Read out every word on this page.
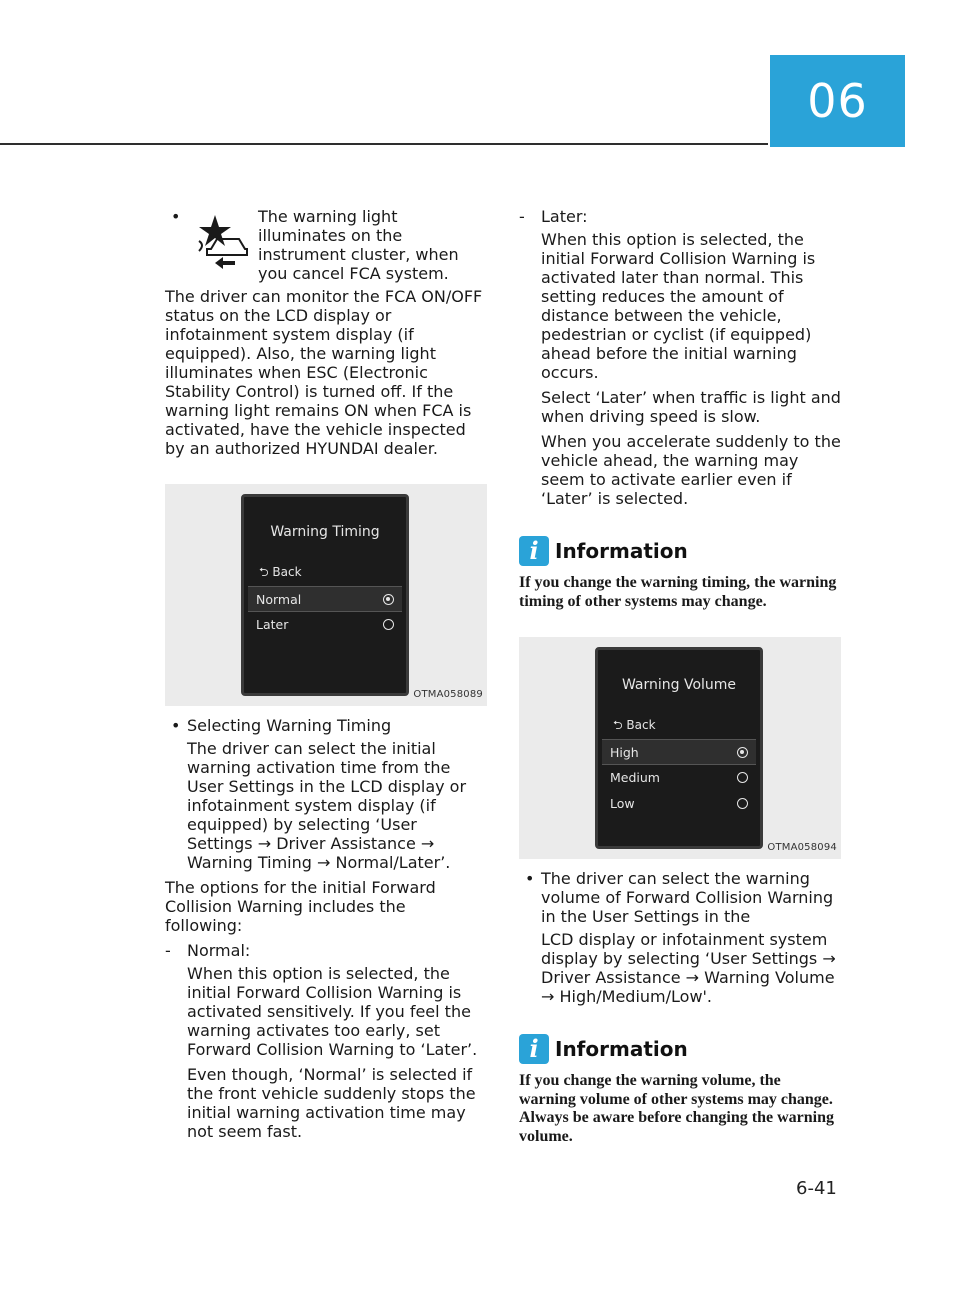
06
•	The warning light illuminates on the instrument cluster, when you cancel FCA system.

The driver can monitor the FCA ON/OFF status on the LCD display or infotainment system display (if equipped). Also, the warning light illuminates when ESC (Electronic Stability Control) is turned off. If the warning light remains ON when FCA is activated, have the vehicle inspected by an authorized HYUNDAI dealer.

Warning Timing
⮌ Back
Normal
Later
OTMA058089
• Selecting Warning Timing

The driver can select the initial warning activation time from the User Settings in the LCD display or infotainment system display (if equipped) by selecting ‘User Settings → Driver Assistance → Warning Timing → Normal/Later’.

The options for the initial Forward Collision Warning includes the following:

- Normal:

When this option is selected, the initial Forward Collision Warning is activated sensitively. If you feel the warning activates too early, set Forward Collision Warning to ‘Later’.

Even though, ‘Normal’ is selected if the front vehicle suddenly stops the initial warning activation time may not seem fast.

- Later:

When this option is selected, the initial Forward Collision Warning is activated later than normal. This setting reduces the amount of distance between the vehicle, pedestrian or cyclist (if equipped) ahead before the initial warning occurs.

Select ‘Later’ when traffic is light and when driving speed is slow.

When you accelerate suddenly to the vehicle ahead, the warning may seem to activate earlier even if ‘Later’ is selected.

i Information

If you change the warning timing, the warning timing of other systems may change.

Warning Volume
⮌ Back
High
Medium
Low
OTMA058094
• The driver can select the warning volume of Forward Collision Warning in the User Settings in the

LCD display or infotainment system display by selecting ‘User Settings → Driver Assistance → Warning Volume → High/Medium/Low'.

i Information

If you change the warning volume, the warning volume of other systems may change. Always be aware before changing the warning volume.

6-41
